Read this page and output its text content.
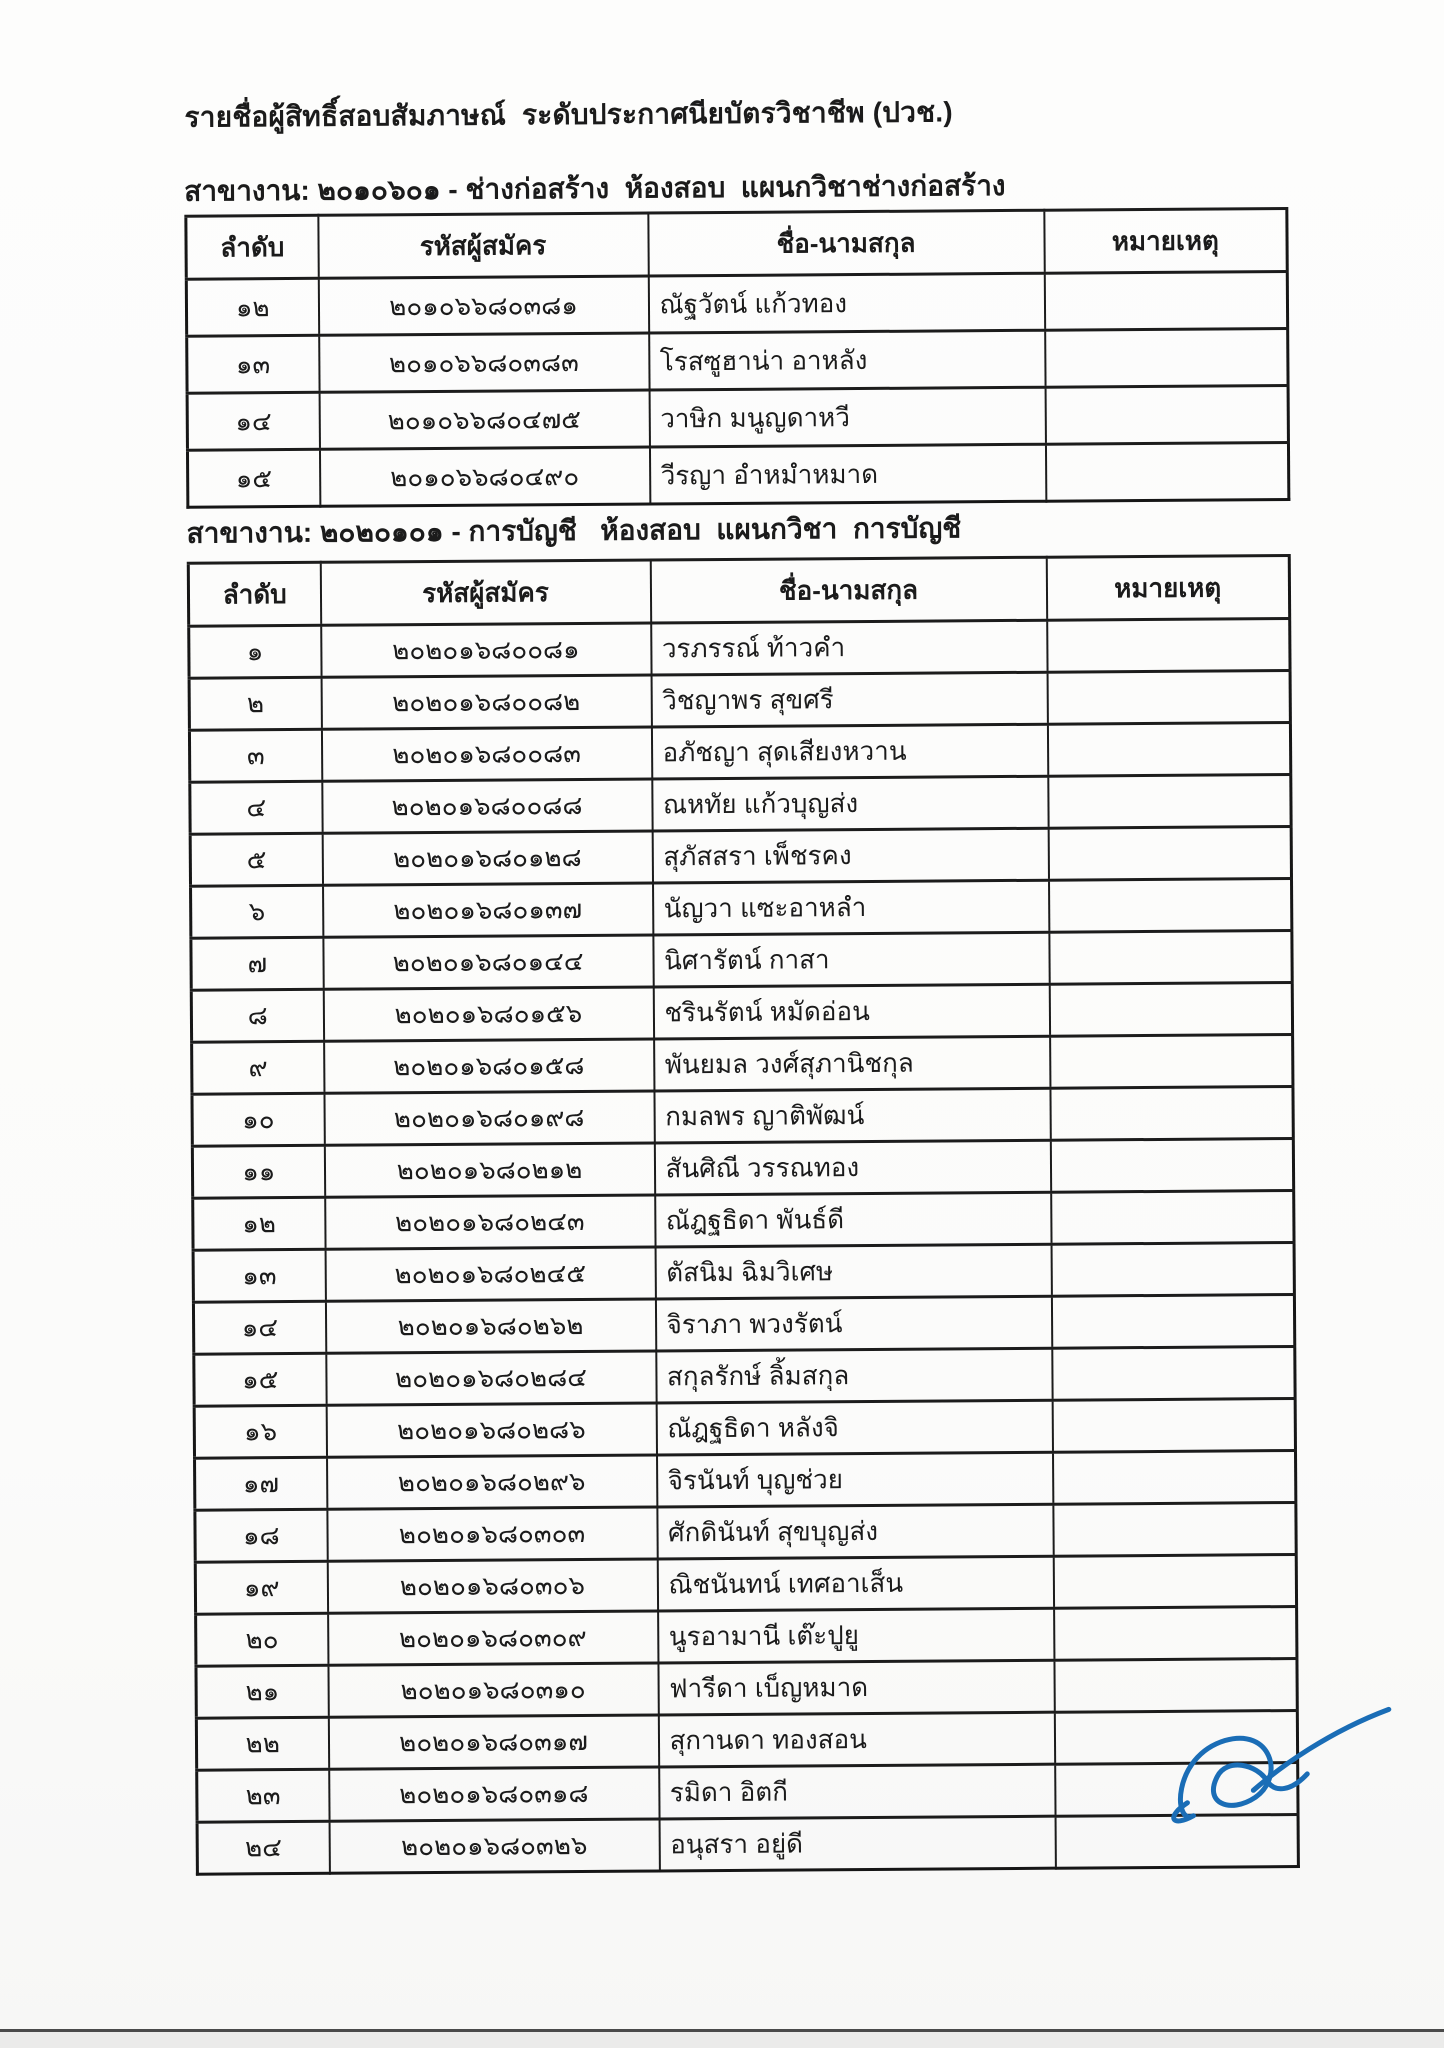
รายชื่อผู้สิทธิ์สอบสัมภาษณ์  ระดับประกาศนียบัตรวิชาชีพ (ปวช.)
สาขางาน: ๒๐๑๐๖๐๑ - ช่างก่อสร้าง  ห้องสอบ  แผนกวิชาช่างก่อสร้าง
ลำดับ	รหัสผู้สมัคร	ชื่อ-นามสกุล	หมายเหตุ
๑๒	๒๐๑๐๖๖๘๐๓๘๑	ณัฐวัตน์ แก้วทอง	
๑๓	๒๐๑๐๖๖๘๐๓๘๓	โรสซูฮาน่า อาหลัง	
๑๔	๒๐๑๐๖๖๘๐๔๗๕	วาษิก มนูญดาหวี	
๑๕	๒๐๑๐๖๖๘๐๔๙๐	วีรญา อำหมำหมาด	
สาขางาน: ๒๐๒๐๑๐๑ - การบัญชี   ห้องสอบ  แผนกวิชา  การบัญชี
ลำดับ	รหัสผู้สมัคร	ชื่อ-นามสกุล	หมายเหตุ
๑	๒๐๒๐๑๖๘๐๐๘๑	วรภรรณ์ ท้าวคำ	
๒	๒๐๒๐๑๖๘๐๐๘๒	วิชญาพร สุขศรี	
๓	๒๐๒๐๑๖๘๐๐๘๓	อภัชญา สุดเสียงหวาน	
๔	๒๐๒๐๑๖๘๐๐๘๘	ณหทัย แก้วบุญส่ง	
๕	๒๐๒๐๑๖๘๐๑๒๘	สุภัสสรา เพ็ชรคง	
๖	๒๐๒๐๑๖๘๐๑๓๗	นัญวา แซะอาหลำ	
๗	๒๐๒๐๑๖๘๐๑๔๔	นิศารัตน์ กาสา	
๘	๒๐๒๐๑๖๘๐๑๕๖	ชรินรัตน์ หมัดอ่อน	
๙	๒๐๒๐๑๖๘๐๑๕๘	พันยมล วงศ์สุภานิชกุล	
๑๐	๒๐๒๐๑๖๘๐๑๙๘	กมลพร ญาติพัฒน์	
๑๑	๒๐๒๐๑๖๘๐๒๑๒	สันศิณี วรรณทอง	
๑๒	๒๐๒๐๑๖๘๐๒๔๓	ณัฎฐธิดา พันธ์ดี	
๑๓	๒๐๒๐๑๖๘๐๒๔๕	ตัสนิม ฉิมวิเศษ	
๑๔	๒๐๒๐๑๖๘๐๒๖๒	จิราภา พวงรัตน์	
๑๕	๒๐๒๐๑๖๘๐๒๘๔	สกุลรักษ์ ลิ้มสกุล	
๑๖	๒๐๒๐๑๖๘๐๒๘๖	ณัฎฐธิดา หลังจิ	
๑๗	๒๐๒๐๑๖๘๐๒๙๖	จิรนันท์ บุญช่วย	
๑๘	๒๐๒๐๑๖๘๐๓๐๓	ศักดินันท์ สุขบุญส่ง	
๑๙	๒๐๒๐๑๖๘๐๓๐๖	ณิชนันทน์ เทศอาเส็น	
๒๐	๒๐๒๐๑๖๘๐๓๐๙	นูรอามานี เต๊ะปูยู	
๒๑	๒๐๒๐๑๖๘๐๓๑๐	ฟารีดา เบ็ญหมาด	
๒๒	๒๐๒๐๑๖๘๐๓๑๗	สุกานดา ทองสอน	
๒๓	๒๐๒๐๑๖๘๐๓๑๘	รมิดา อิตกี	
๒๔	๒๐๒๐๑๖๘๐๓๒๖	อนุสรา อยู่ดี	
